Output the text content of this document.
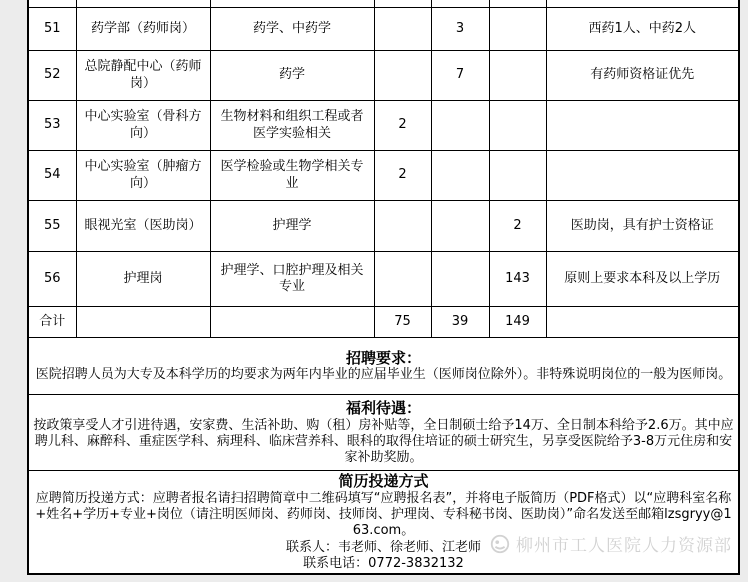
51	药学部（药师岗）	药学、中药学		3		西药1人、中药2人
52	总院静配中心（药师岗）	药学		7		有药师资格证优先
53	中心实验室（骨科方向）	生物材料和组织工程或者医学实验相关	2			
54	中心实验室（肿瘤方向）	医学检验或生物学相关专业	2			
55	眼视光室（医助岗）	护理学			2	医助岗，具有护士资格证
56	护理岗	护理学、口腔护理及相关专业			143	原则上要求本科及以上学历
合计			75	39	149	

招聘要求：
医院招聘人员为大专及本科学历的均要求为两年内毕业的应届毕业生（医师岗位除外）。非特殊说明岗位的一般为医师岗。						

福利待遇：
按政策享受人才引进待遇，安家费、生活补助、购（租）房补贴等，全日制硕士给予14万、全日制本科给予2.6万。其中应聘儿科、麻醉科、重症医学科、病理科、临床营养科、眼科的取得住培证的硕士研究生，另享受医院给予3-8万元住房和安家补助奖励。						

简历投递方式
应聘简历投递方式：应聘者报名请扫招聘简章中二维码填写“应聘报名表”，并将电子版简历（PDF格式）以“应聘科室名称+姓名+学历+专业+岗位（请注明医师岗、药师岗、技师岗、护理岗、专科秘书岗、医助岗）”命名发送至邮箱lzsgryy@163.com。
联系人：韦老师、徐老师、江老师
联系电话：0772-3832132						
柳州市工人医院人力资源部
